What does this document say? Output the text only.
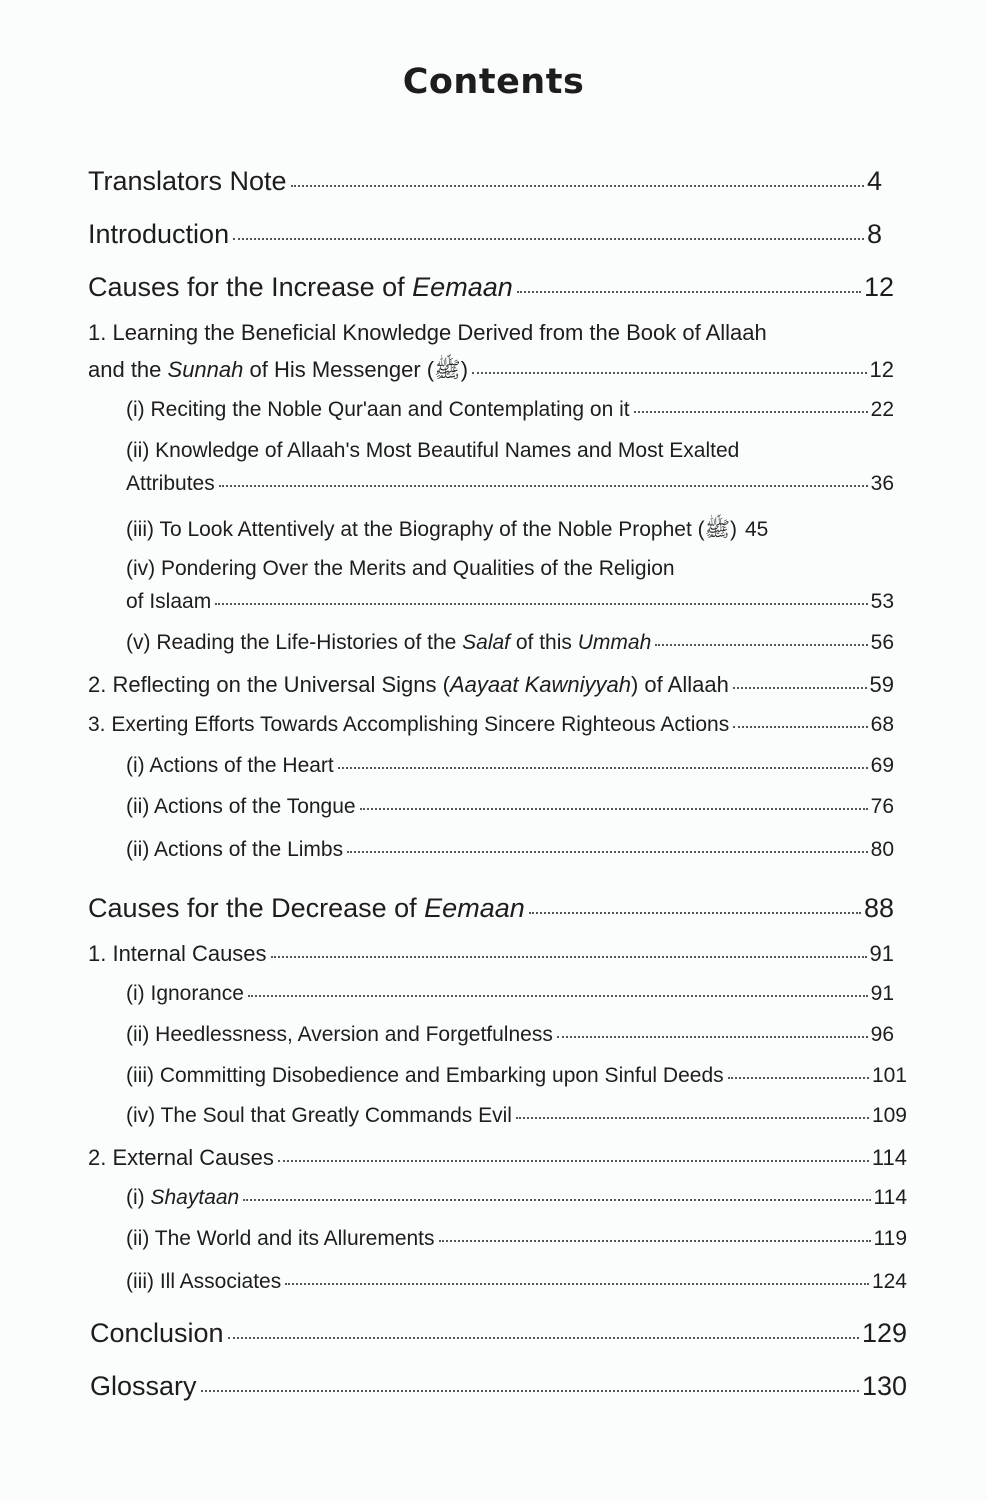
Contents
Translators Note	4
Introduction	8
Causes for the Increase of Eemaan	12
1. Learning the Beneficial Knowledge Derived from the Book of Allaah
and the Sunnah of His Messenger (ﷺ)	12
(i) Reciting the Noble Qur'aan and Contemplating on it	22
(ii) Knowledge of Allaah's Most Beautiful Names and Most Exalted
Attributes	36
(iii) To Look Attentively at the Biography of the Noble Prophet (ﷺ) 45
(iv) Pondering Over the Merits and Qualities of the Religion
of Islaam	53
(v) Reading the Life-Histories of the Salaf of this Ummah	56
2. Reflecting on the Universal Signs (Aayaat Kawniyyah) of Allaah	59
3. Exerting Efforts Towards Accomplishing Sincere Righteous Actions	68
(i) Actions of the Heart	69
(ii) Actions of the Tongue	76
(ii) Actions of the Limbs	80
Causes for the Decrease of Eemaan	88
1. Internal Causes	91
(i) Ignorance	91
(ii) Heedlessness, Aversion and Forgetfulness	96
(iii) Committing Disobedience and Embarking upon Sinful Deeds	101
(iv) The Soul that Greatly Commands Evil	109
2. External Causes	114
(i) Shaytaan	114
(ii) The World and its Allurements	119
(iii) Ill Associates	124
Conclusion	129
Glossary	130
